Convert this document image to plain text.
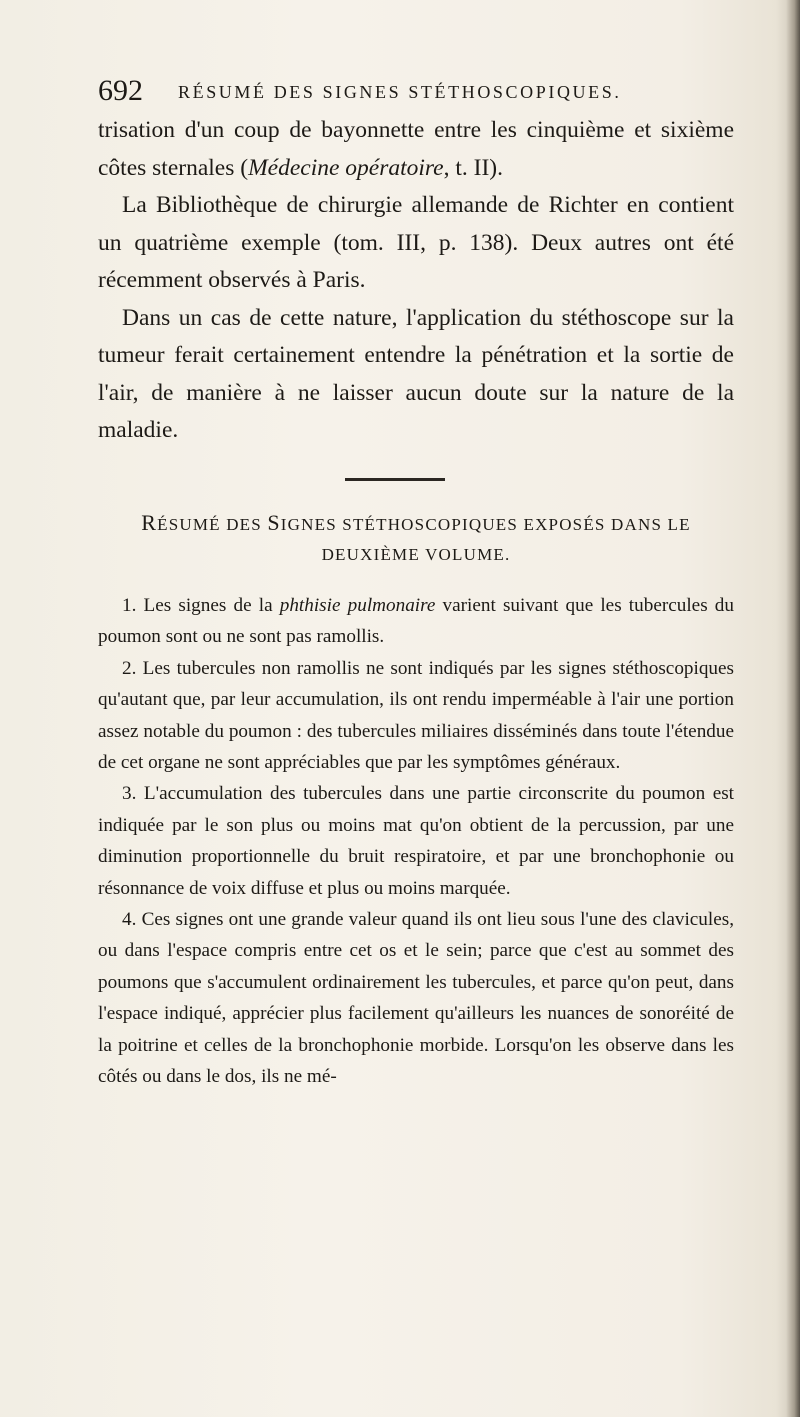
692 RÉSUMÉ DES SIGNES STÉTHOSCOPIQUES.

trisation d'un coup de bayonnette entre les cinquième et sixième côtes sternales (Médecine opératoire, t. II).

La Bibliothèque de chirurgie allemande de Richter en contient un quatrième exemple (tom. III, p. 138). Deux autres ont été récemment observés à Paris.

Dans un cas de cette nature, l'application du stéthoscope sur la tumeur ferait certainement entendre la pénétration et la sortie de l'air, de manière à ne laisser aucun doute sur la nature de la maladie.

RÉSUMÉ DES SIGNES STÉTHOSCOPIQUES EXPOSÉS DANS LE
DEUXIÈME VOLUME.

1. Les signes de la phthisie pulmonaire varient suivant que les tubercules du poumon sont ou ne sont pas ramollis.

2. Les tubercules non ramollis ne sont indiqués par les signes stéthoscopiques qu'autant que, par leur accumulation, ils ont rendu imperméable à l'air une portion assez notable du poumon : des tubercules miliaires disséminés dans toute l'étendue de cet organe ne sont appréciables que par les symptômes généraux.

3. L'accumulation des tubercules dans une partie circonscrite du poumon est indiquée par le son plus ou moins mat qu'on obtient de la percussion, par une diminution proportionnelle du bruit respiratoire, et par une bronchophonie ou résonnance de voix diffuse et plus ou moins marquée.

4. Ces signes ont une grande valeur quand ils ont lieu sous l'une des clavicules, ou dans l'espace compris entre cet os et le sein; parce que c'est au sommet des poumons que s'accumulent ordinairement les tubercules, et parce qu'on peut, dans l'espace indiqué, apprécier plus facilement qu'ailleurs les nuances de sonoréité de la poitrine et celles de la bronchophonie morbide. Lorsqu'on les observe dans les côtés ou dans le dos, ils ne mé-
